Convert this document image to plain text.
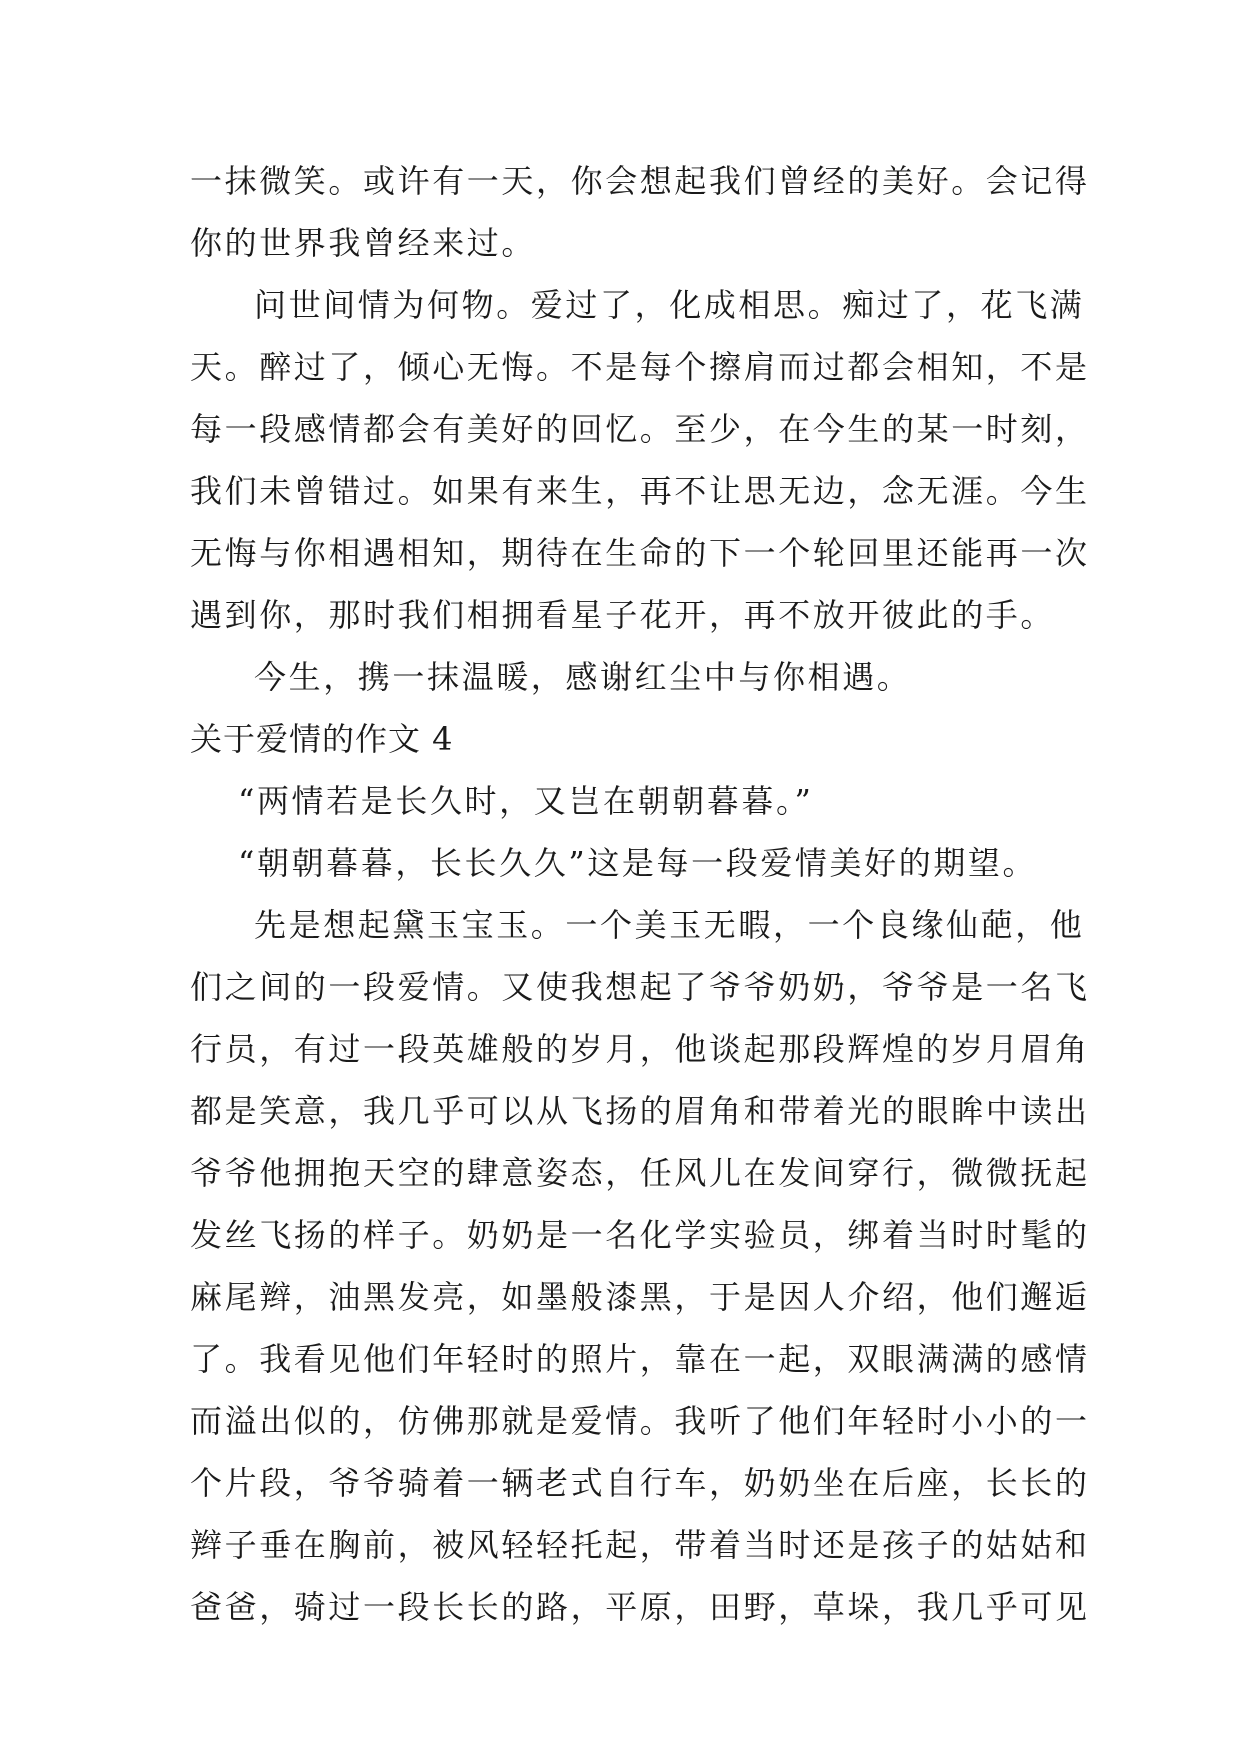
一抹微笑。或许有一天，你会想起我们曾经的美好。会记得
你的世界我曾经来过。
问世间情为何物。爱过了，化成相思。痴过了，花飞满
天。醉过了，倾心无悔。不是每个擦肩而过都会相知，不是
每一段感情都会有美好的回忆。至少，在今生的某一时刻，
我们未曾错过。如果有来生，再不让思无边，念无涯。今生
无悔与你相遇相知，期待在生命的下一个轮回里还能再一次
遇到你，那时我们相拥看星子花开，再不放开彼此的手。
今生，携一抹温暖，感谢红尘中与你相遇。
关于爱情的作文 4
“两情若是长久时，又岂在朝朝暮暮。”
“朝朝暮暮，长长久久”这是每一段爱情美好的期望。
先是想起黛玉宝玉。一个美玉无暇，一个良缘仙葩，他
们之间的一段爱情。又使我想起了爷爷奶奶，爷爷是一名飞
行员，有过一段英雄般的岁月，他谈起那段辉煌的岁月眉角
都是笑意，我几乎可以从飞扬的眉角和带着光的眼眸中读出
爷爷他拥抱天空的肆意姿态，任风儿在发间穿行，微微抚起
发丝飞扬的样子。奶奶是一名化学实验员，绑着当时时髦的
麻尾辫，油黑发亮，如墨般漆黑，于是因人介绍，他们邂逅
了。我看见他们年轻时的照片，靠在一起，双眼满满的感情
而溢出似的，仿佛那就是爱情。我听了他们年轻时小小的一
个片段，爷爷骑着一辆老式自行车，奶奶坐在后座，长长的
辫子垂在胸前，被风轻轻托起，带着当时还是孩子的姑姑和
爸爸，骑过一段长长的路，平原，田野，草垛，我几乎可见
